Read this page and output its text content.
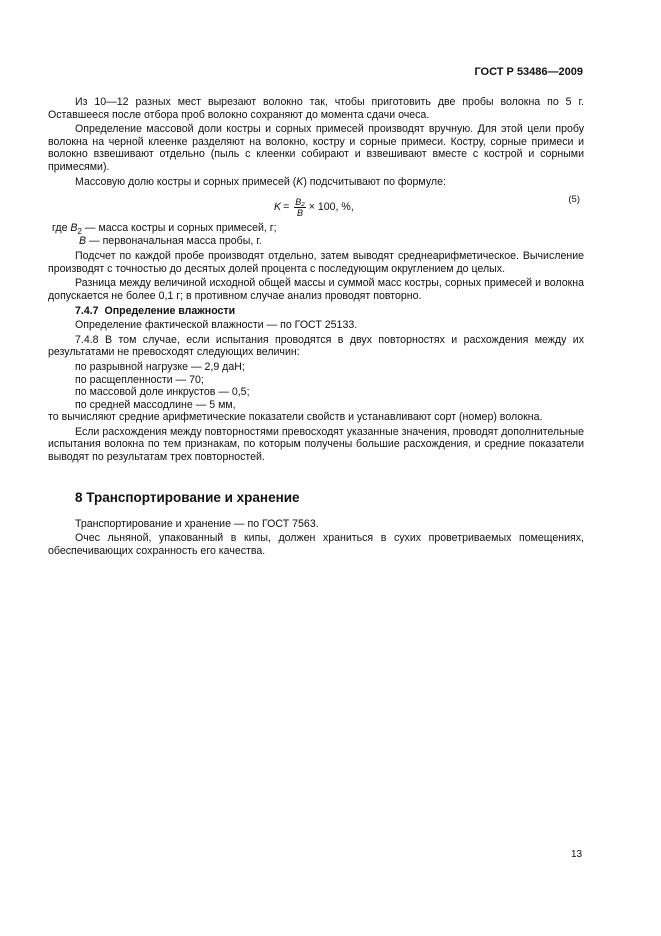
ГОСТ Р 53486—2009

Из 10—12 разных мест вырезают волокно так, чтобы приготовить две пробы волокна по 5 г. Оставшееся после отбора проб волокно сохраняют до момента сдачи очеса.

Определение массовой доли костры и сорных примесей производят вручную. Для этой цели пробу волокна на черной клеенке разделяют на волокно, костру и сорные примеси. Костру, сорные примеси и волокно взвешивают отдельно (пыль с клеенки собирают и взвешивают вместе с кострой и сорными примесями).

Массовую долю костры и сорных примесей (K) подсчитывают по формуле:

$K = \frac{\text{B₂}}{B} \times 100$, %,
(5)
где $B_2$ — масса костры и сорных примесей, г;
B — первоначальная масса пробы, г.

Подсчет по каждой пробе производят отдельно, затем выводят среднеарифметическое. Вычисление производят с точностью до десятых долей процента с последующим округлением до целых.

Разница между величиной исходной общей массы и суммой масс костры, сорных примесей и волокна допускается не более 0,1 г; в противном случае анализ проводят повторно.

7.4.7 Определение влажности

Определение фактической влажности — по ГОСТ 25133.

7.4.8 В том случае, если испытания проводятся в двух повторностях и расхождения между их результатами не превосходят следующих величин:

по разрывной нагрузке — 2,9 даН;

по расщепленности — 70;

по массовой доле инкрустов — 0,5;

по средней массодлине — 5 мм,

то вычисляют средние арифметические показатели свойств и устанавливают сорт (номер) волокна.

Если расхождения между повторностями превосходят указанные значения, проводят дополнительные испытания волокна по тем признакам, по которым получены большие расхождения, и средние показатели выводят по результатам трех повторностей.

8 Транспортирование и хранение

Транспортирование и хранение — по ГОСТ 7563.

Очес льняной, упакованный в кипы, должен храниться в сухих проветриваемых помещениях, обеспечивающих сохранность его качества.

13
